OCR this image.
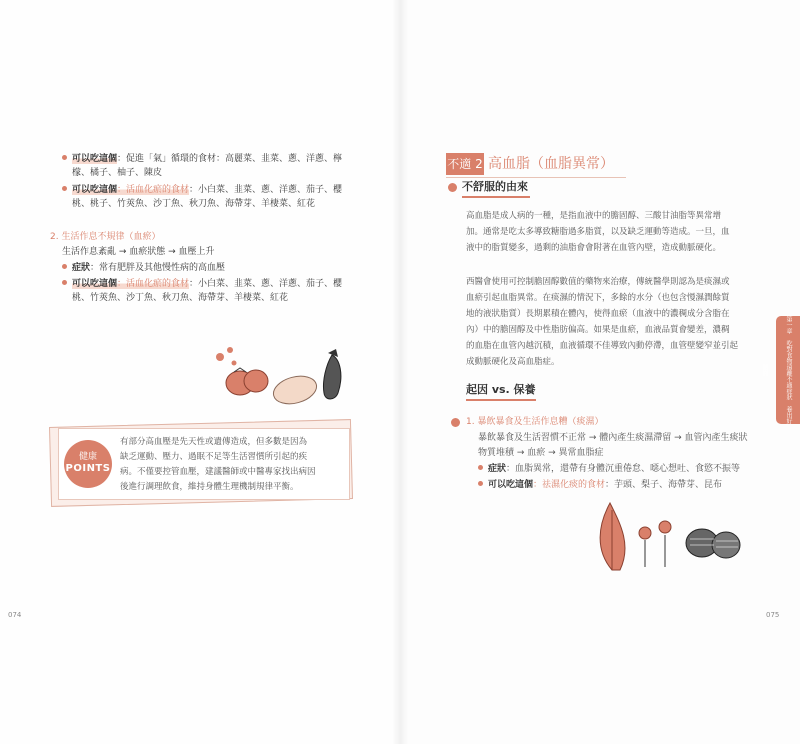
可以吃這個：促進「氣」循環的食材：高麗菜、韭菜、蔥、洋蔥、檸
檬、橘子、柚子、陳皮
可以吃這個：活血化瘀的食材：小白菜、韭菜、蔥、洋蔥、茄子、櫻
桃、桃子、竹莢魚、沙丁魚、秋刀魚、海帶芽、羊棲菜、紅花
2. 生活作息不規律（血瘀）
生活作息紊亂 → 血瘀狀態 → 血壓上升
症狀：常有肥胖及其他慢性病的高血壓
可以吃這個：活血化瘀的食材：小白菜、韭菜、蔥、洋蔥、茄子、櫻
桃、竹莢魚、沙丁魚、秋刀魚、海帶芽、羊棲菜、紅花
健康
POINTS
有部分高血壓是先天性或遺傳造成，但多數是因為
缺乏運動、壓力、過眠不足等生活習慣所引起的疾
病。不僅要控管血壓，建議醫師或中醫專家找出病因
後進行調理飲食，維持身體生理機制規律平衡。
074
不適 2 高血脂（血脂異常）
不舒服的由來
高血脂是成人病的一種，是指血液中的膽固醇、三酸甘油脂等異常增
加。通常是吃太多導致糖脂過多脂質，以及缺乏運動等造成。一旦，血
液中的脂質變多，過剩的油脂會會附著在血管內壁，造成動脈硬化。
西醫會使用可控制膽固醇數值的藥物來治療，傳統醫學則認為是痰濕或
血瘀引起血脂異常。在痰濕的情況下，多餘的水分（也包含慢濕潤餘質
地的液狀脂質）長期累積在體內，使得血瘀（血液中的濃稠成分含脂在
內）中的膽固醇及中性脂肪偏高。如果是血瘀，血液品質會變差，濃稠
的血脂在血管內越沉積，血液循環不佳導致內動停滯，血管壁變窄並引起
成動脈硬化及高血脂症。
起因 vs. 保養
1. 暴飲暴食及生活作息糟（痰濕）
暴飲暴食及生活習慣不正常 → 體內產生痰濕滯留 → 血管內產生痰狀
物質堆積 → 血瘀 → 異常血脂症
症狀：血脂異常，還帶有身體沉重倦怠、噁心想吐、食慾不振等
可以吃這個：祛濕化痰的食材：芋頭、梨子、海帶芽、昆布
第一章　吃對食物遠離不適症狀　養出好體質
075
